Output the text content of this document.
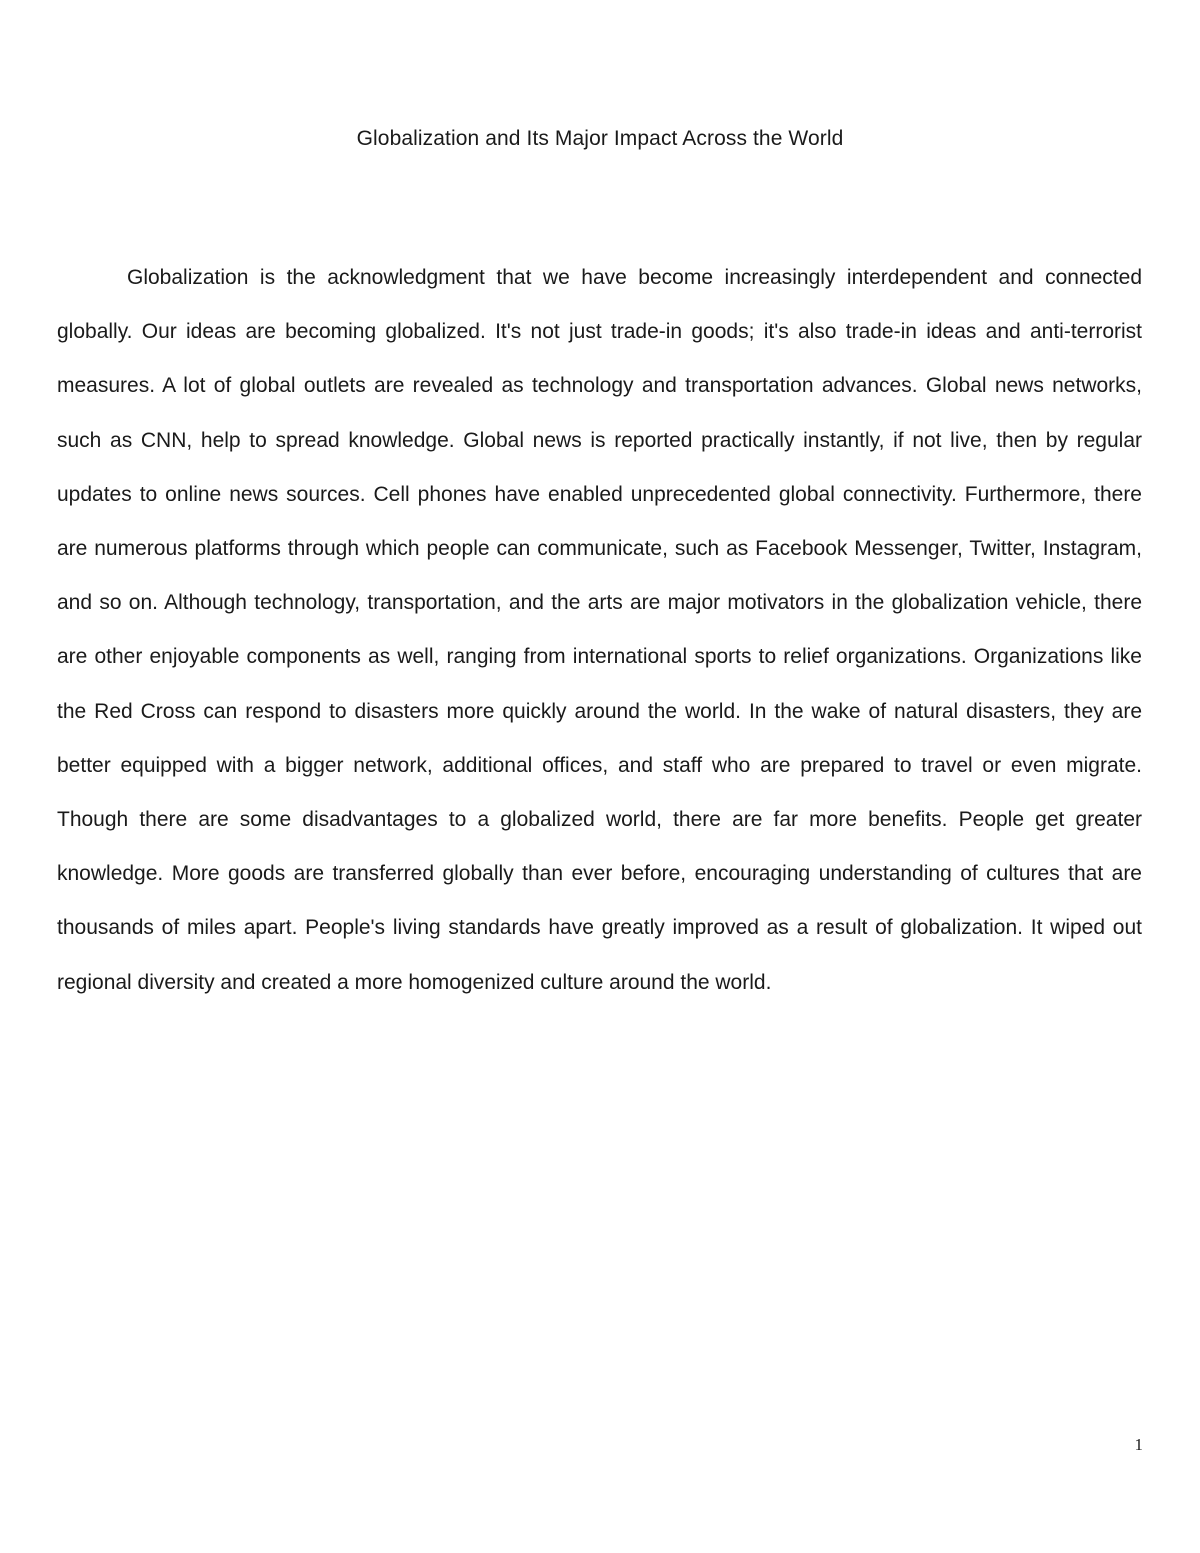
Globalization and Its Major Impact Across the World

Globalization is the acknowledgment that we have become increasingly interdependent and connected globally. Our ideas are becoming globalized. It's not just trade-in goods; it's also trade-in ideas and anti-terrorist measures. A lot of global outlets are revealed as technology and transportation advances. Global news networks, such as CNN, help to spread knowledge. Global news is reported practically instantly, if not live, then by regular updates to online news sources. Cell phones have enabled unprecedented global connectivity. Furthermore, there are numerous platforms through which people can communicate, such as Facebook Messenger, Twitter, Instagram, and so on. Although technology, transportation, and the arts are major motivators in the globalization vehicle, there are other enjoyable components as well, ranging from international sports to relief organizations. Organizations like the Red Cross can respond to disasters more quickly around the world. In the wake of natural disasters, they are better equipped with a bigger network, additional offices, and staff who are prepared to travel or even migrate. Though there are some disadvantages to a globalized world, there are far more benefits. People get greater knowledge. More goods are transferred globally than ever before, encouraging understanding of cultures that are thousands of miles apart. People's living standards have greatly improved as a result of globalization. It wiped out regional diversity and created a more homogenized culture around the world.

1
